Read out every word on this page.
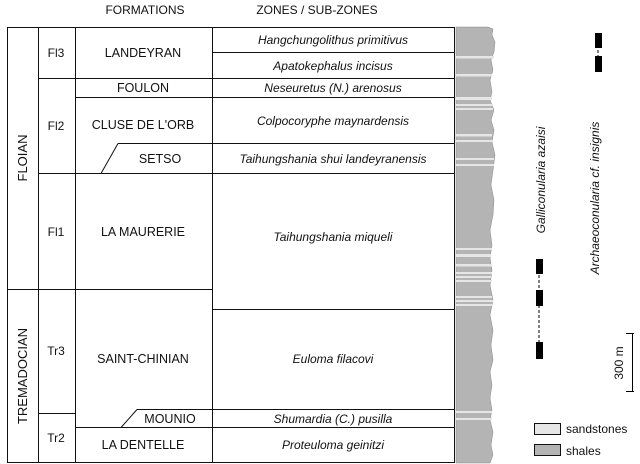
FORMATIONS	ZONES / SUB-ZONES
FLOIAN
TREMADOCIAN
Fl3
Fl2
Fl1
Tr3
Tr2
LANDEYRAN
FOULON
CLUSE DE L'ORB
SETSO
LA MAURERIE
SAINT-CHINIAN
MOUNIO
LA DENTELLE
Hangchungolithus primitivus
Apatokephalus incisus
Neseuretus (N.) arenosus
Colpocoryphe maynardensis
Taihungshania shui landeyranensis
Taihungshania miqueli
Euloma filacovi
Shumardia (C.) pusilla
Proteuloma geinitzi
Galliconularia azaisi	Archaeoconularia cf. insignis
300 m
sandstones
shales
